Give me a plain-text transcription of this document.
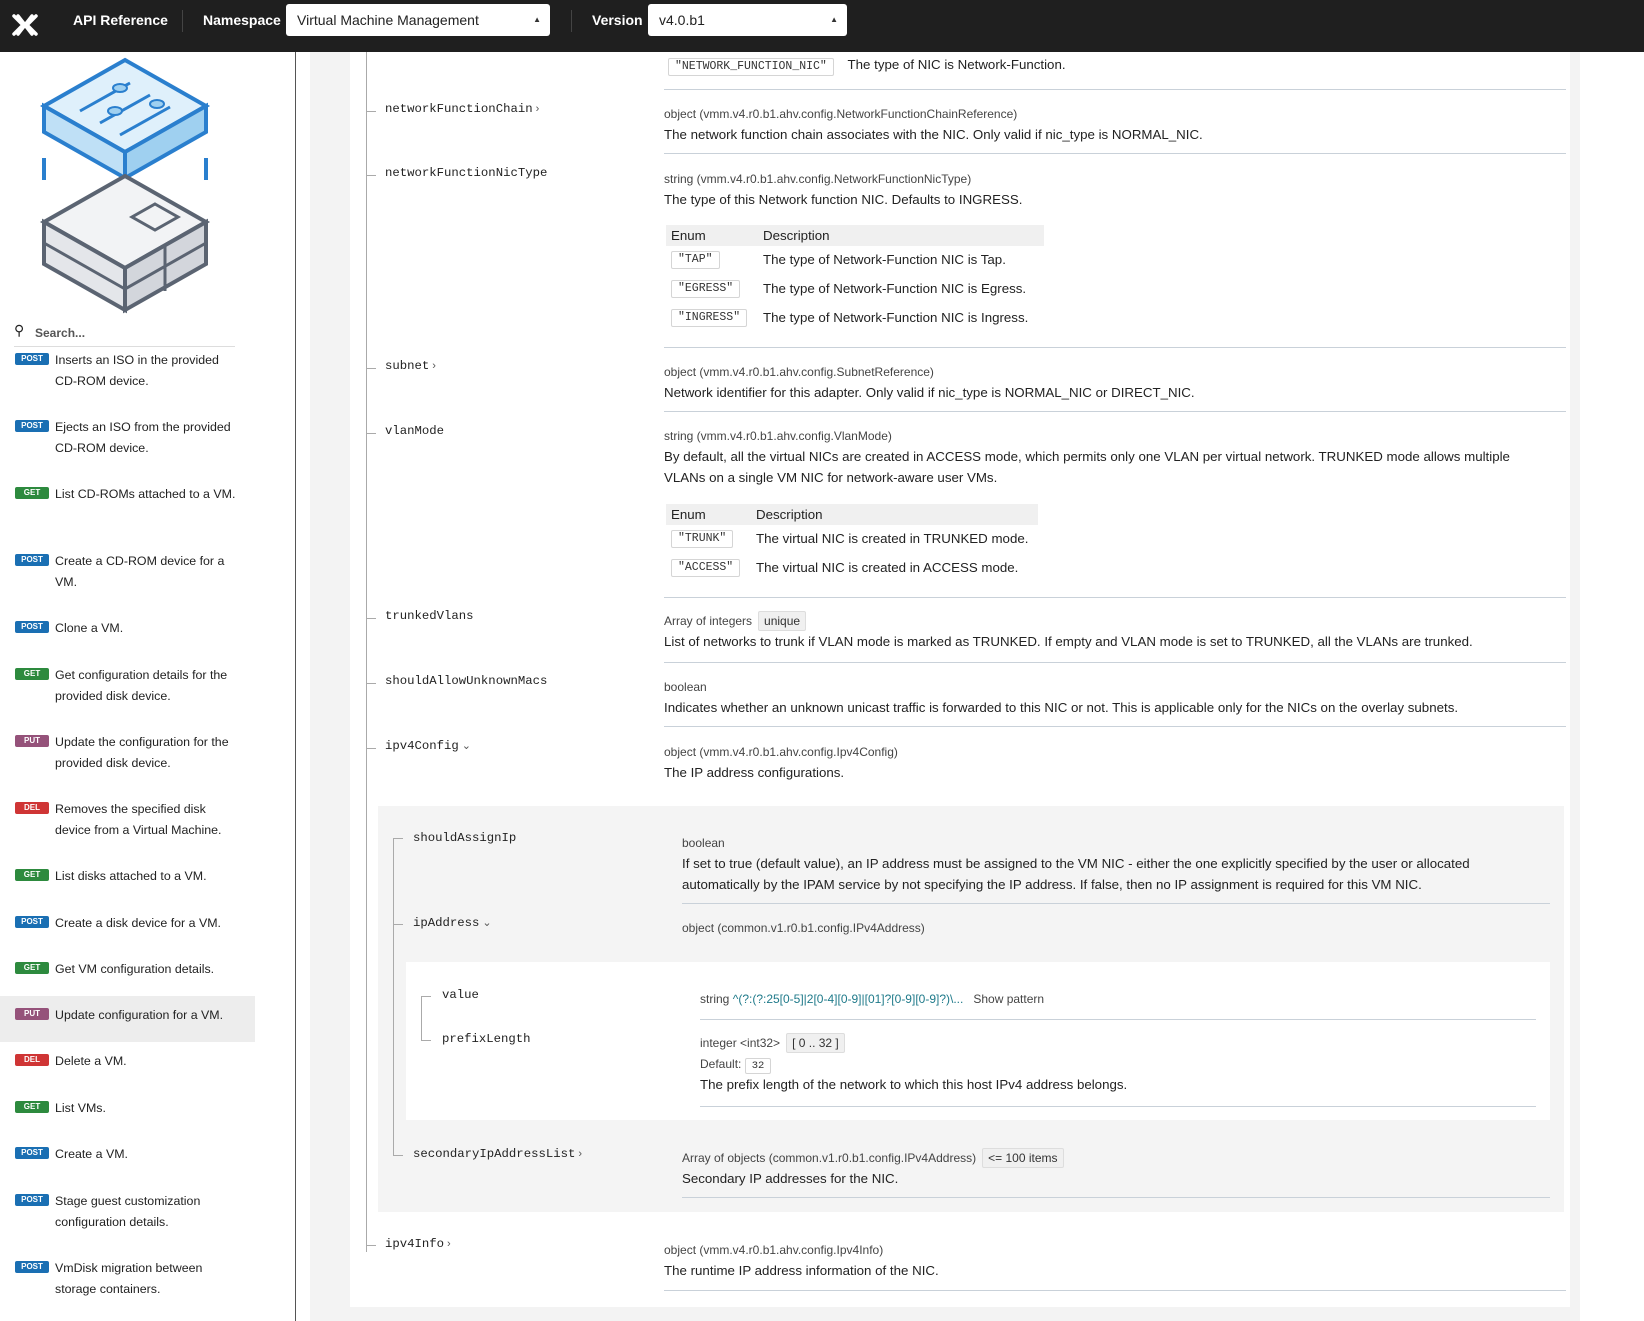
API Reference	Namespace	Virtual Machine Management	▲	Version	v4.0.b1	▲
⚲ Search...
POST Inserts an ISO in the provided CD-ROM device.
POST Ejects an ISO from the provided CD-ROM device.
GET	List CD-ROMs attached to a VM.
POST Create a CD-ROM device for a VM.
POST Clone a VM.
GET	Get configuration details for the provided disk device.
PUT	Update the configuration for the provided disk device.
DEL	Removes the specified disk device from a Virtual Machine.
GET	List disks attached to a VM.
POST Create a disk device for a VM.
GET	Get VM configuration details.
PUT	Update configuration for a VM.
DEL	Delete a VM.
GET	List VMs.
POST Create a VM.
POST Stage guest customization configuration details.
POST VmDisk migration between storage containers.
"NETWORK_FUNCTION_NIC" The type of NIC is Network-Function.
networkFunctionChain ›	object (vmm.v4.r0.b1.ahv.config.NetworkFunctionChainReference)
The network function chain associates with the NIC. Only valid if nic_type is NORMAL_NIC.
networkFunctionNicType	string (vmm.v4.r0.b1.ahv.config.NetworkFunctionNicType)
The type of this Network function NIC. Defaults to INGRESS.
Enum	Description
"TAP"	The type of Network-Function NIC is Tap.
"EGRESS"	The type of Network-Function NIC is Egress.
"INGRESS"	The type of Network-Function NIC is Ingress.
subnet ›	object (vmm.v4.r0.b1.ahv.config.SubnetReference)
Network identifier for this adapter. Only valid if nic_type is NORMAL_NIC or DIRECT_NIC.
vlanMode	string (vmm.v4.r0.b1.ahv.config.VlanMode)
By default, all the virtual NICs are created in ACCESS mode, which permits only one VLAN per virtual network. TRUNKED mode allows multiple
VLANs on a single VM NIC for network-aware user VMs.
Enum	Description
"TRUNK"	The virtual NIC is created in TRUNKED mode.
"ACCESS"	The virtual NIC is created in ACCESS mode.
trunkedVlans	Array of integers unique
List of networks to trunk if VLAN mode is marked as TRUNKED. If empty and VLAN mode is set to TRUNKED, all the VLANs are trunked.
shouldAllowUnknownMacs	boolean
Indicates whether an unknown unicast traffic is forwarded to this NIC or not. This is applicable only for the NICs on the overlay subnets.
ipv4Config ⌄	object (vmm.v4.r0.b1.ahv.config.Ipv4Config)
The IP address configurations.
shouldAssignIp	boolean
If set to true (default value), an IP address must be assigned to the VM NIC - either the one explicitly specified by the user or allocated
automatically by the IPAM service by not specifying the IP address. If false, then no IP assignment is required for this VM NIC.
ipAddress ⌄	object (common.v1.r0.b1.config.IPv4Address)
value	string ^(?:(?:25[0-5]|2[0-4][0-9]|[01]?[0-9][0-9]?)\... Show pattern
prefixLength	integer <int32> [ 0 .. 32 ]
Default: 32
The prefix length of the network to which this host IPv4 address belongs.
secondaryIpAddressList ›	Array of objects (common.v1.r0.b1.config.IPv4Address) <= 100 items
Secondary IP addresses for the NIC.
ipv4Info ›	object (vmm.v4.r0.b1.ahv.config.Ipv4Info)
The runtime IP address information of the NIC.
